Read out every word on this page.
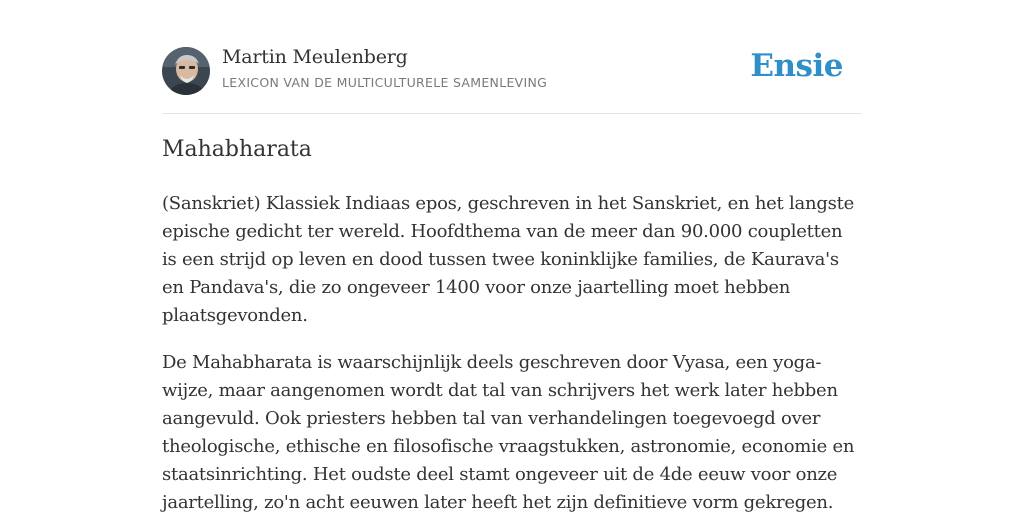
Martin Meulenberg
LEXICON VAN DE MULTICULTURELE SAMENLEVING	Ensie
Mahabharata

(Sanskriet) Klassiek Indiaas epos, geschreven in het Sanskriet, en het langste epische gedicht ter wereld. Hoofdthema van de meer dan 90.000 coupletten is een strijd op leven en dood tussen twee koninklijke families, de Kaurava's en Pandava's, die zo ongeveer 1400 voor onze jaartelling moet hebben plaatsgevonden.

De Mahabharata is waarschijnlijk deels geschreven door Vyasa, een yoga-wijze, maar aangenomen wordt dat tal van schrijvers het werk later hebben aangevuld. Ook priesters hebben tal van verhandelingen toegevoegd over theologische, ethische en filosofische vraagstukken, astronomie, economie en staatsinrichting. Het oudste deel stamt ongeveer uit de 4de eeuw voor onze jaartelling, zo'n acht eeuwen later heeft het zijn definitieve vorm gekregen.
